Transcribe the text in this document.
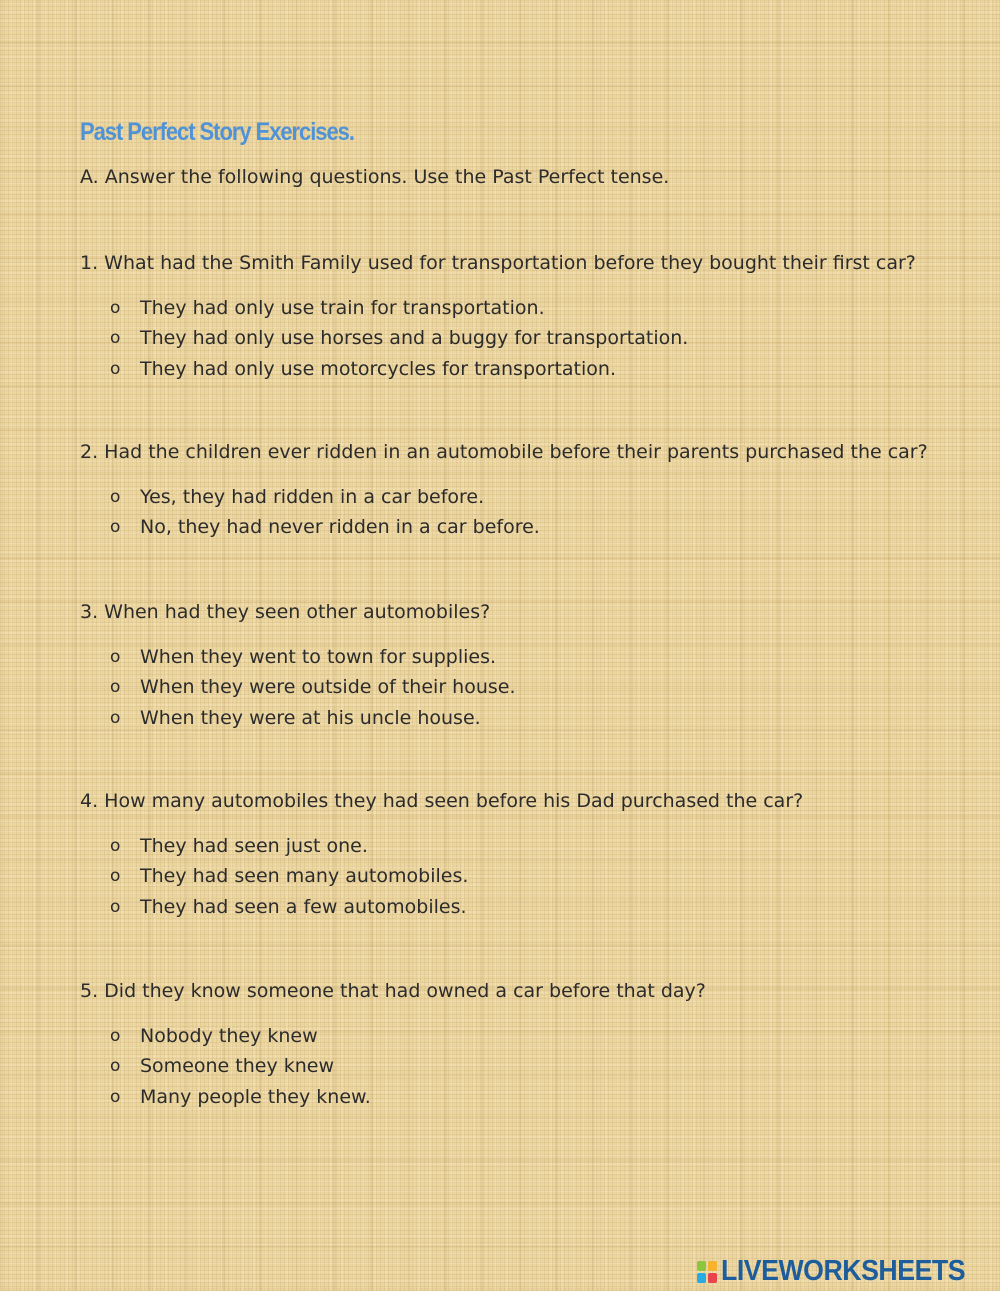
Past Perfect Story Exercises.
A. Answer the following questions. Use the Past Perfect tense.
1. What had the Smith Family used for transportation before they bought their first car?
o	They had only use train for transportation.
o	They had only use horses and a buggy for transportation.
o	They had only use motorcycles for transportation.
2. Had the children ever ridden in an automobile before their parents purchased the car?
o	Yes, they had ridden in a car before.
o	No, they had never ridden in a car before.
3. When had they seen other automobiles?
o	When they went to town for supplies.
o	When they were outside of their house.
o	When they were at his uncle house.
4. How many automobiles they had seen before his Dad purchased the car?
o	They had seen just one.
o	They had seen many automobiles.
o	They had seen a few automobiles.
5. Did they know someone that had owned a car before that day?
o	Nobody they knew
o	Someone they knew
o	Many people they knew.
LIVEWORKSHEETS
